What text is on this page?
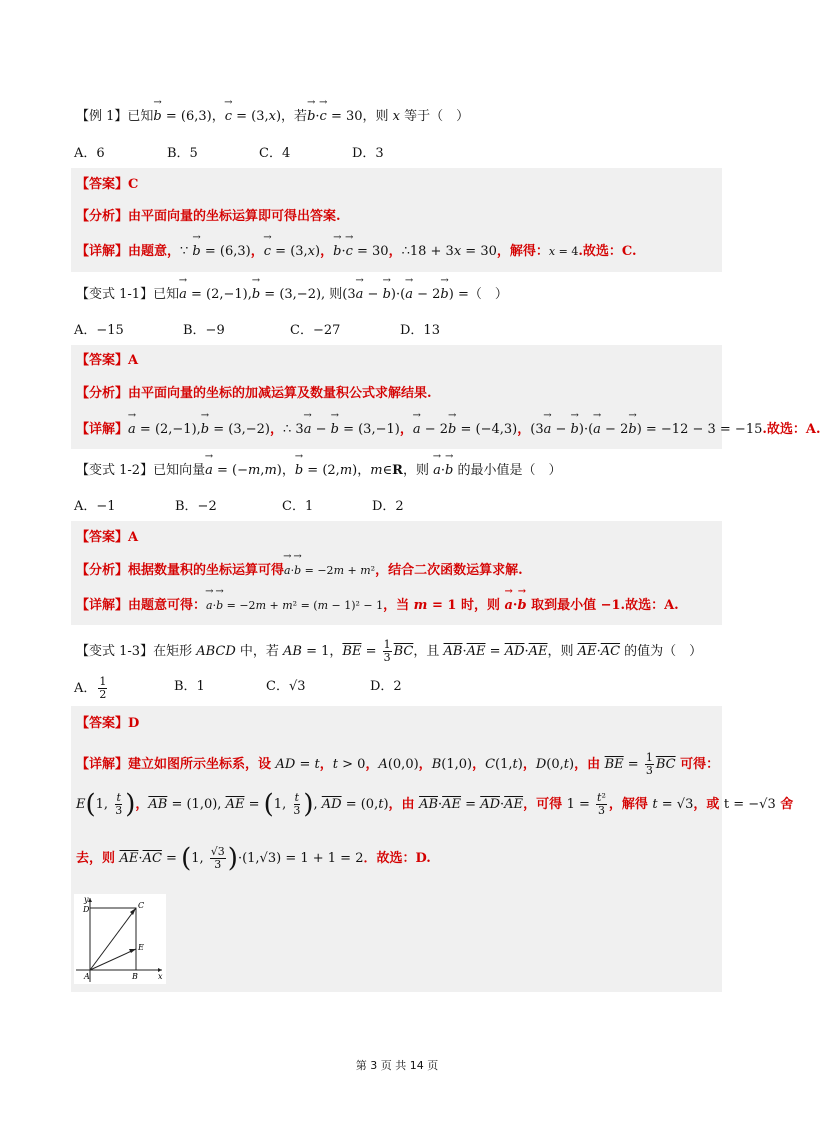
【例 1】已知→ b = (6,3)，→ c = (3,x)，若→ b·→ c = 30，则 x 等于（　）
A．6	B．5	C．4	D．3
【答案】C
【分析】由平面向量的坐标运算即可得出答案.
【详解】由题意，∵ → b = (6,3)，→ c = (3,x)，→ b·→ c = 30，∴18 + 3x = 30，解得：x = 4.故选：C.
【变式 1-1】已知→ a = (2,−1),→ b = (3,−2), 则(3→ a − → b)·(→ a − 2→ b) =（　）
A．−15	B．−9	C．−27	D．13
【答案】A
【分析】由平面向量的坐标的加减运算及数量积公式求解结果.
【详解】→ a = (2,−1),→ b = (3,−2)，∴ 3→ a − → b = (3,−1)，→ a − 2→ b = (−4,3)，(3→ a − → b)·(→ a − 2→ b) = −12 − 3 = −15.故选：A.
【变式 1-2】已知向量→ a = (−m,m)，→ b = (2,m)，m∈R，则 → a·→ b 的最小值是（　）
A．−1	B．−2	C．1	D．2
【答案】A
【分析】根据数量积的坐标运算可得→ a·→ b = −2m + m²，结合二次函数运算求解.
【详解】由题意可得：→ a·→ b = −2m + m² = (m − 1)² − 1，当 m = 1 时，则 → a·→ b 取到最小值 −1.故选：A.
【变式 1-3】在矩形 ABCD 中，若 AB = 1，$\overline{BE} = \frac{1}{3} \overline{BC}$，且 $\overline{AB}\cdot\overline{AE} = \overline{AD}\cdot\overline{AE}$，则 $\overline{AE}\cdot\overline{AC}$ 的值为（　）
A． $\frac{1}{2}$	B．1	C．√3	D．2
【答案】D
【详解】建立如图所示坐标系，设 AD = t，t > 0，A(0,0)，B(1,0)，C(1,t)，D(0,t)，由 $\overline{BE} = \frac{1}{3} \overline{BC}$ 可得：
E(1, $\frac{t}{3}$ )，$\overline{AB} = (1,0)$, $\overline{AE} = (1$, $\frac{t}{3}$ ), $\overline{AD} = (0,t)$，由 $\overline{AB}\cdot\overline{AE} = \overline{AD}\cdot\overline{AE}$，可得 $1 = \frac{\text{t²}}{3}$ ，解得 t = √3，或 t = −√3 舍
去，则 $\overline{AE}\cdot\overline{AC} = (1$, $\frac{√3}{3} )\cdot(1,√3) = 1 + 1 = 2$．故选：D.
y
D	C
E
A	B	x
第 3 页 共 14 页
